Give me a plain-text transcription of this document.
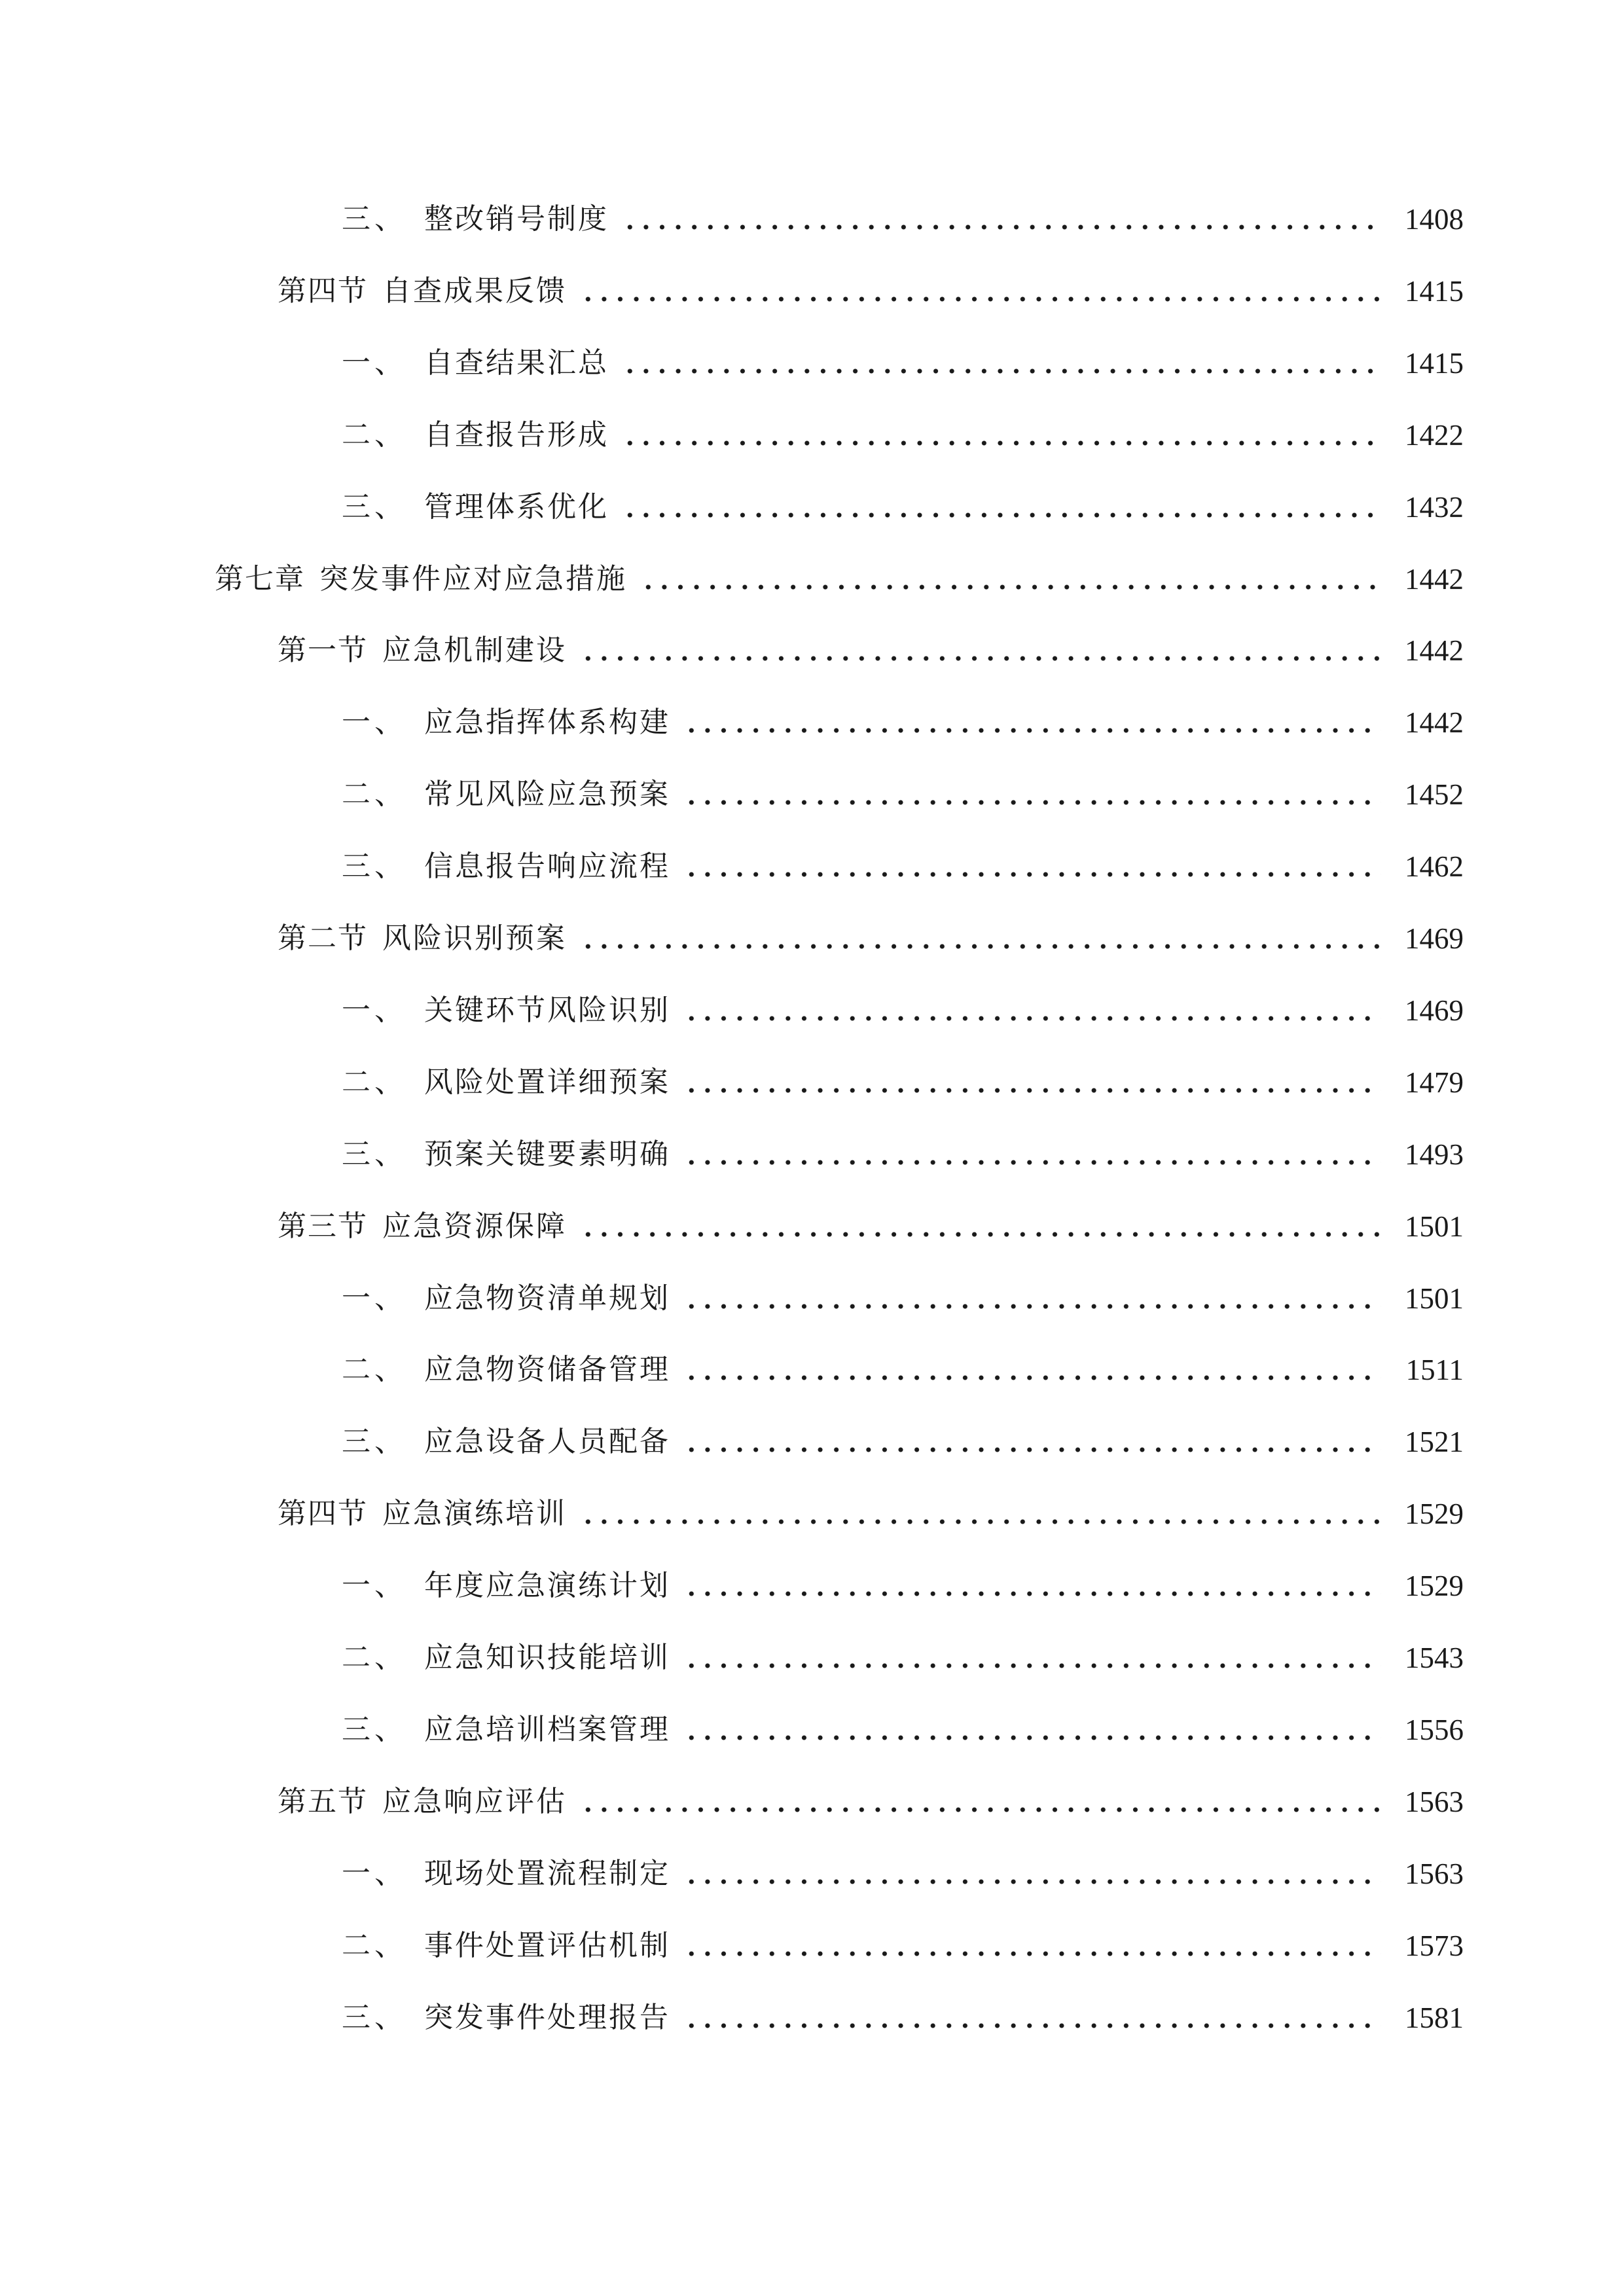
三、 整改销号制度	1408
第四节 自查成果反馈	1415
一、 自查结果汇总	1415
二、 自查报告形成	1422
三、 管理体系优化	1432
第七章 突发事件应对应急措施	1442
第一节 应急机制建设	1442
一、 应急指挥体系构建	1442
二、 常见风险应急预案	1452
三、 信息报告响应流程	1462
第二节 风险识别预案	1469
一、 关键环节风险识别	1469
二、 风险处置详细预案	1479
三、 预案关键要素明确	1493
第三节 应急资源保障	1501
一、 应急物资清单规划	1501
二、 应急物资储备管理	1511
三、 应急设备人员配备	1521
第四节 应急演练培训	1529
一、 年度应急演练计划	1529
二、 应急知识技能培训	1543
三、 应急培训档案管理	1556
第五节 应急响应评估	1563
一、 现场处置流程制定	1563
二、 事件处置评估机制	1573
三、 突发事件处理报告	1581
